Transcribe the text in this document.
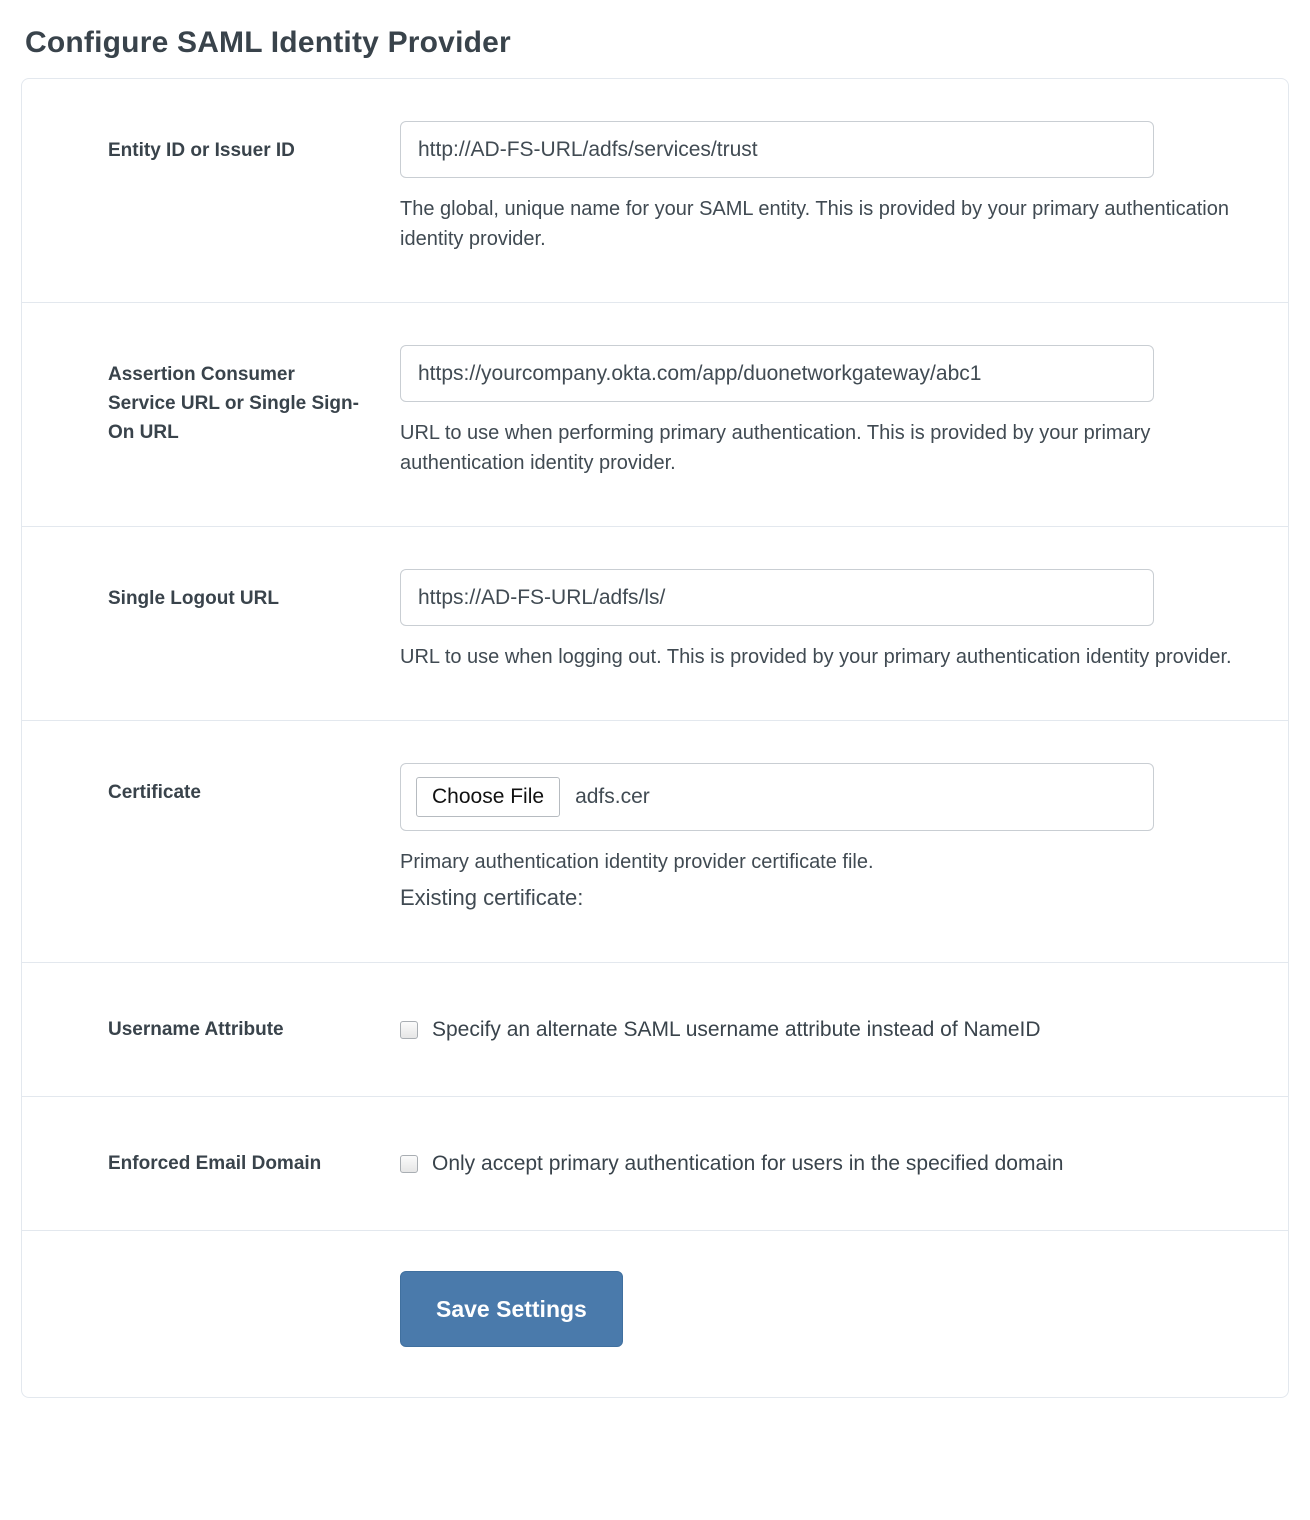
Configure SAML Identity Provider
Entity ID or Issuer ID
http://AD-FS-URL/adfs/services/trust

The global, unique name for your SAML entity. This is provided by your primary authentication identity provider.

Assertion Consumer Service URL or Single Sign-On URL
https://yourcompany.okta.com/app/duonetworkgateway/abc1	URL to use when performing primary authentication. This is provided by your primary authentication identity provider.

Single Logout URL
https://AD-FS-URL/adfs/ls/

URL to use when logging out. This is provided by your primary authentication identity provider.

Certificate	Choose File	adfs.cer

Primary authentication identity provider certificate file.

Existing certificate:

Username Attribute	Specify an alternate SAML username attribute instead of NameID
Enforced Email Domain	Only accept primary authentication for users in the specified domain
Save Settings
